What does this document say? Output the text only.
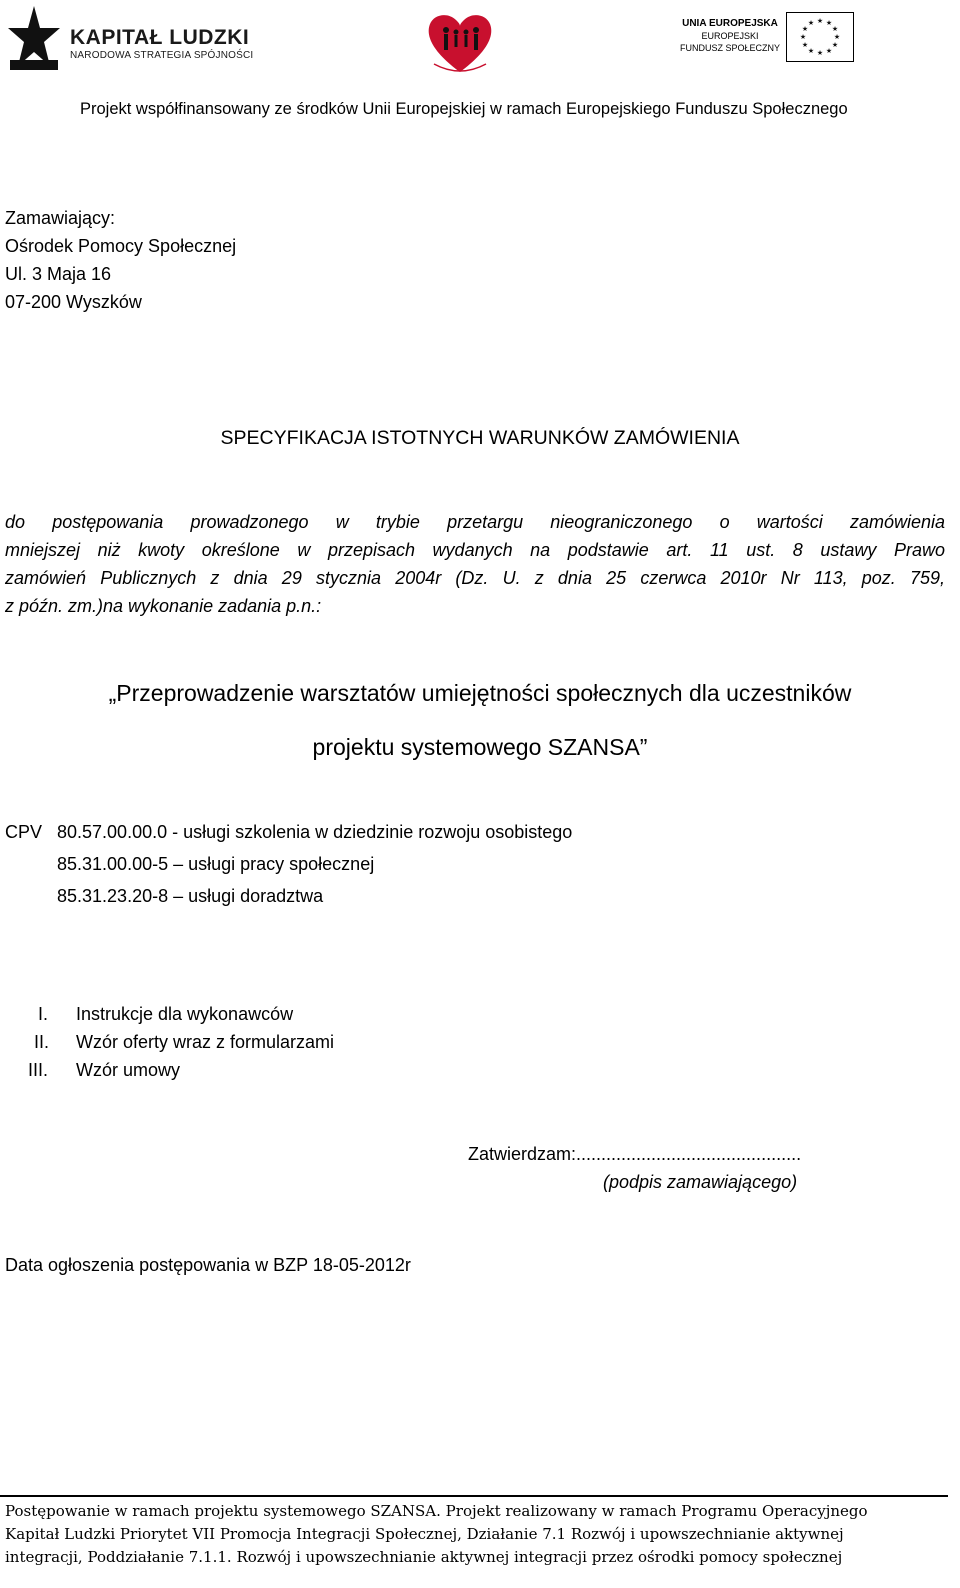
KAPITAŁ LUDZKI
NARODOWA STRATEGIA SPÓJNOŚCI
UNIA EUROPEJSKA
EUROPEJSKI
FUNDUSZ SPOŁECZNY
★ ★
★
★
★
★
★
★
★
★
★
★
Projekt współfinansowany ze środków Unii Europejskiej w ramach Europejskiego Funduszu Społecznego
Zamawiający:
Ośrodek Pomocy Społecznej
Ul. 3 Maja 16
07-200 Wyszków
SPECYFIKACJA ISTOTNYCH WARUNKÓW ZAMÓWIENIA
do postępowania prowadzonego w trybie przetargu nieograniczonego o wartości zamówienia
mniejszej niż kwoty określone w przepisach wydanych na podstawie art. 11 ust. 8 ustawy Prawo
zamówień Publicznych z dnia 29 stycznia 2004r (Dz. U. z dnia 25 czerwca 2010r Nr 113, poz. 759,
z późn. zm.)na wykonanie zadania p.n.:
„Przeprowadzenie warsztatów umiejętności społecznych dla uczestników
projektu systemowego SZANSA”
CPV 80.57.00.00.0 - usługi szkolenia w dziedzinie rozwoju osobistego
85.31.00.00-5 – usługi pracy społecznej
85.31.23.20-8 – usługi doradztwa
I.	Instrukcje dla wykonawców
II.	Wzór oferty wraz z formularzami
III.	Wzór umowy
Zatwierdzam:.............................................
(podpis zamawiającego)
Data ogłoszenia postępowania w BZP 18-05-2012r
Postępowanie w ramach projektu systemowego SZANSA. Projekt realizowany w ramach Programu Operacyjnego
Kapitał Ludzki Priorytet VII Promocja Integracji Społecznej, Działanie 7.1 Rozwój i upowszechnianie aktywnej
integracji, Poddziałanie 7.1.1. Rozwój i upowszechnianie aktywnej integracji przez ośrodki pomocy społecznej
